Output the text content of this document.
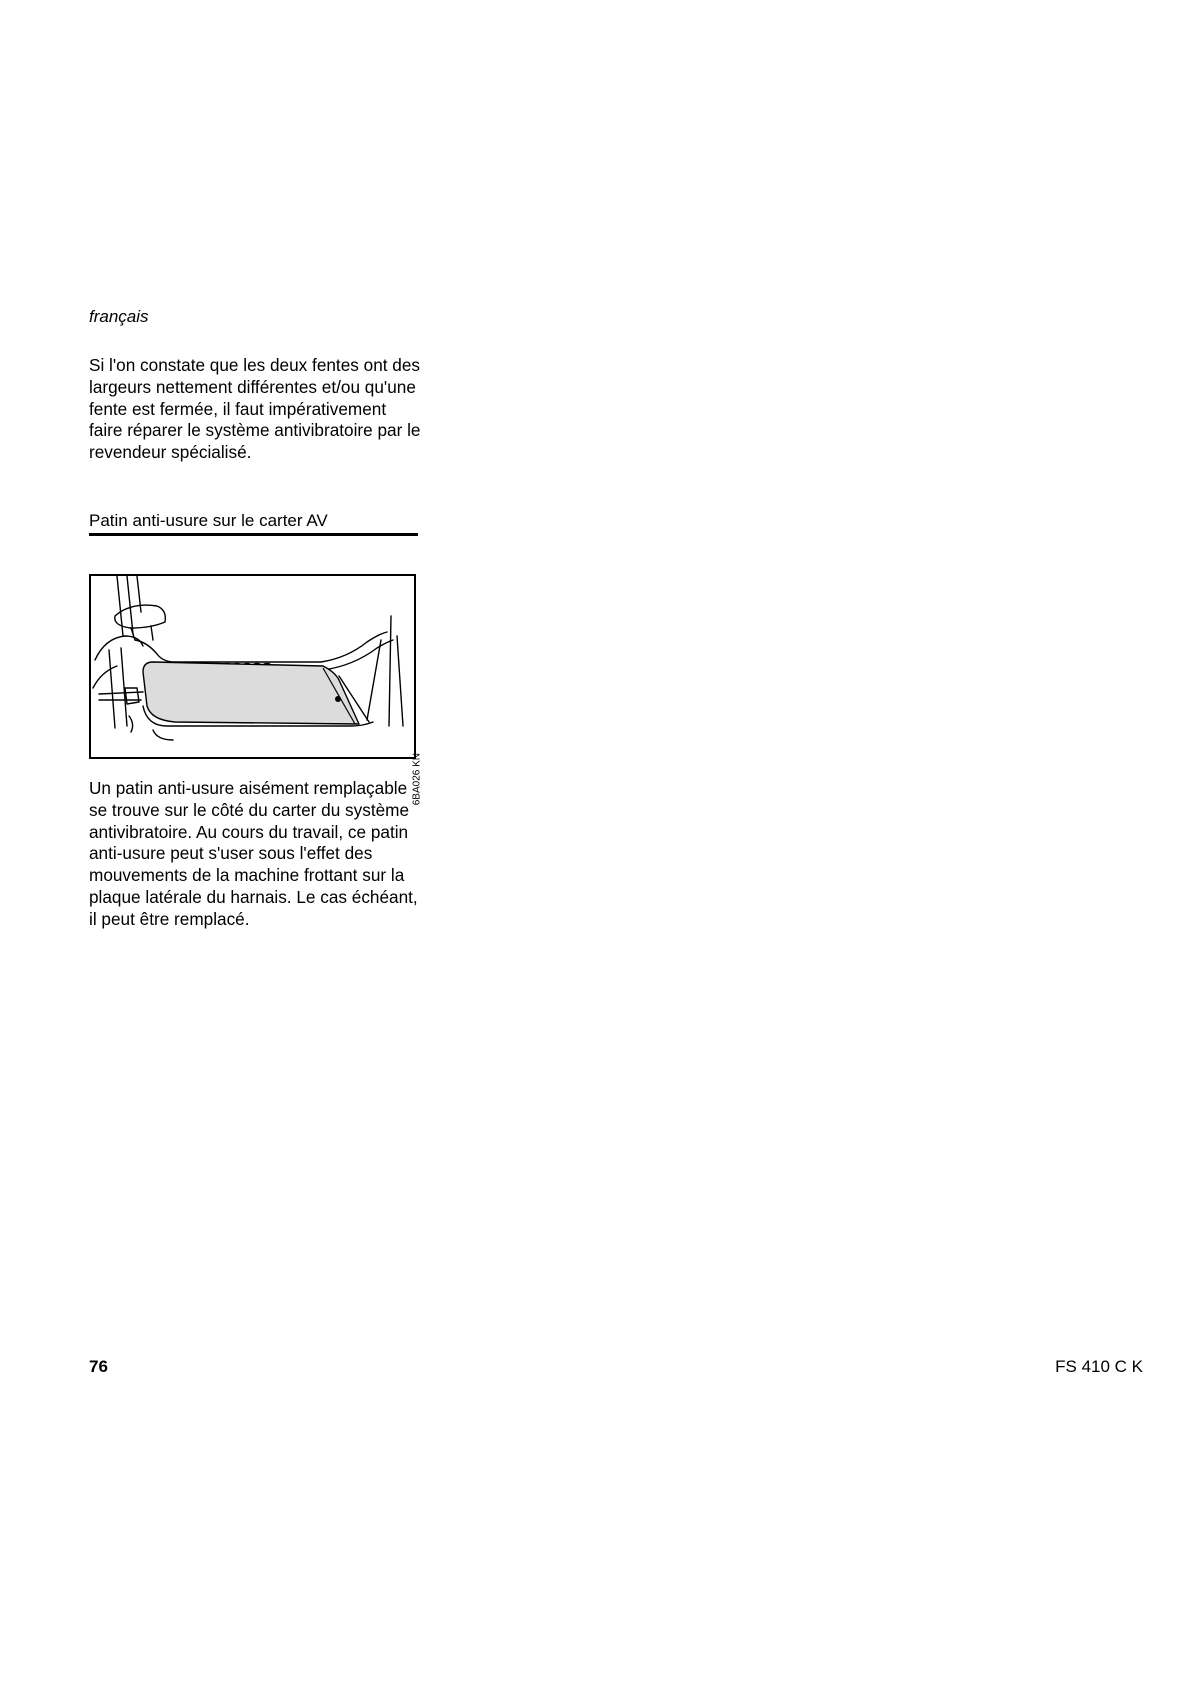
français

Si l'on constate que les deux fentes ont des largeurs nettement différentes et/ou qu'une fente est fermée, il faut impérativement faire réparer le système antivibratoire par le revendeur spécialisé.

Patin anti-usure sur le carter AV
6BA026 KN

Un patin anti-usure aisément remplaçable se trouve sur le côté du carter du système antivibratoire. Au cours du travail, ce patin anti-usure peut s'user sous l'effet des mouvements de la machine frottant sur la plaque latérale du harnais. Le cas échéant, il peut être remplacé.

76	FS 410 C K
